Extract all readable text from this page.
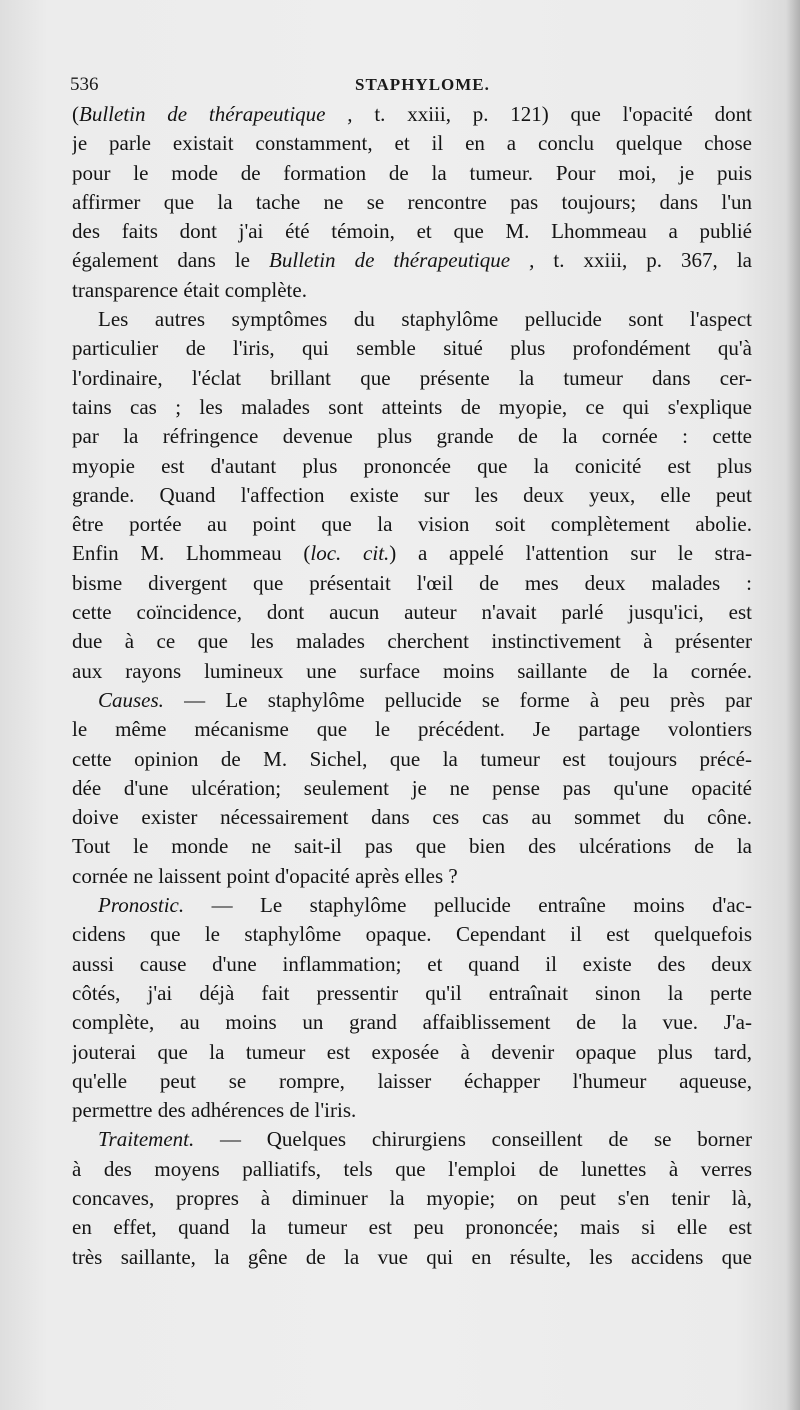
536	STAPHYLOME.
(Bulletin de thérapeutique , t. xxiii, p. 121) que l'opacité dont
je parle existait constamment, et il en a conclu quelque chose
pour le mode de formation de la tumeur. Pour moi, je puis
affirmer que la tache ne se rencontre pas toujours; dans l'un
des faits dont j'ai été témoin, et que M. Lhommeau a publié
également dans le Bulletin de thérapeutique , t. xxiii, p. 367, la
transparence était complète.
Les autres symptômes du staphylôme pellucide sont l'aspect
particulier de l'iris, qui semble situé plus profondément qu'à
l'ordinaire, l'éclat brillant que présente la tumeur dans cer-
tains cas ; les malades sont atteints de myopie, ce qui s'explique
par la réfringence devenue plus grande de la cornée : cette
myopie est d'autant plus prononcée que la conicité est plus
grande. Quand l'affection existe sur les deux yeux, elle peut
être portée au point que la vision soit complètement abolie.
Enfin M. Lhommeau (loc. cit.) a appelé l'attention sur le stra-
bisme divergent que présentait l'œil de mes deux malades :
cette coïncidence, dont aucun auteur n'avait parlé jusqu'ici, est
due à ce que les malades cherchent instinctivement à présenter
aux rayons lumineux une surface moins saillante de la cornée.
Causes. — Le staphylôme pellucide se forme à peu près par
le même mécanisme que le précédent. Je partage volontiers
cette opinion de M. Sichel, que la tumeur est toujours précé-
dée d'une ulcération; seulement je ne pense pas qu'une opacité
doive exister nécessairement dans ces cas au sommet du cône.
Tout le monde ne sait-il pas que bien des ulcérations de la
cornée ne laissent point d'opacité après elles ?
Pronostic. — Le staphylôme pellucide entraîne moins d'ac-
cidens que le staphylôme opaque. Cependant il est quelquefois
aussi cause d'une inflammation; et quand il existe des deux
côtés, j'ai déjà fait pressentir qu'il entraînait sinon la perte
complète, au moins un grand affaiblissement de la vue. J'a-
jouterai que la tumeur est exposée à devenir opaque plus tard,
qu'elle peut se rompre, laisser échapper l'humeur aqueuse,
permettre des adhérences de l'iris.
Traitement. — Quelques chirurgiens conseillent de se borner
à des moyens palliatifs, tels que l'emploi de lunettes à verres
concaves, propres à diminuer la myopie; on peut s'en tenir là,
en effet, quand la tumeur est peu prononcée; mais si elle est
très saillante, la gêne de la vue qui en résulte, les accidens que
